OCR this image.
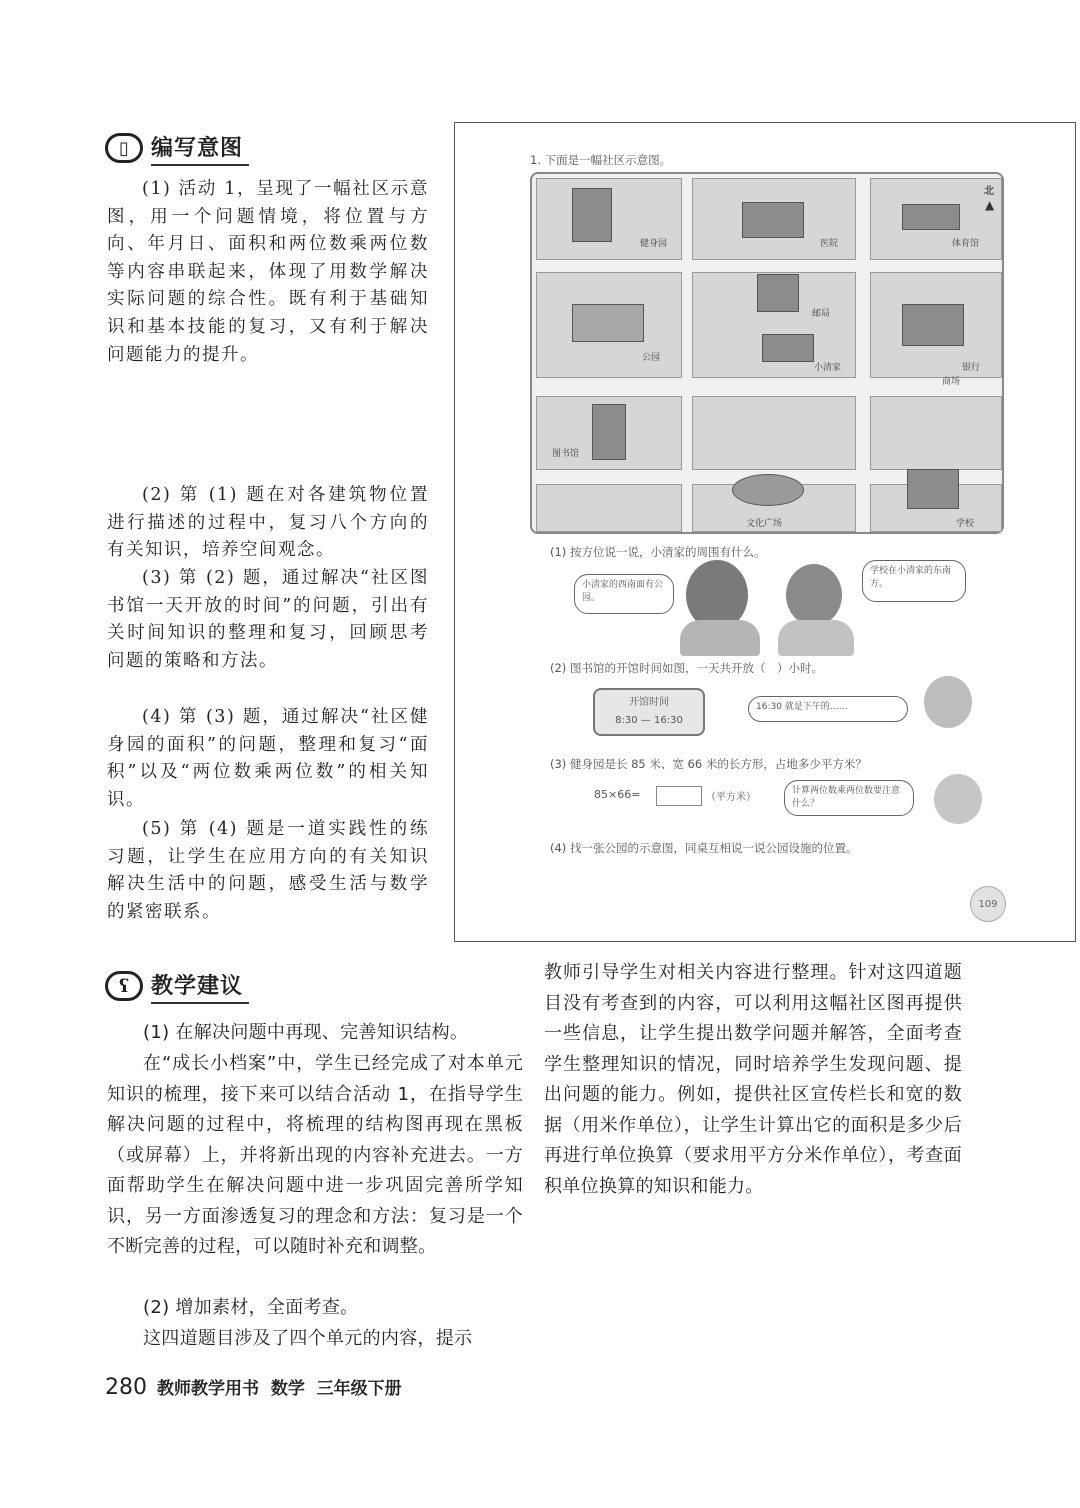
▯	编写意图

(1) 活动 1，呈现了一幅社区示意图，用一个问题情境，将位置与方向、年月日、面积和两位数乘两位数等内容串联起来，体现了用数学解决实际问题的综合性。既有利于基础知识和基本技能的复习，又有利于解决问题能力的提升。

(2) 第 (1) 题在对各建筑物位置进行描述的过程中，复习八个方向的有关知识，培养空间观念。

(3) 第 (2) 题，通过解决“社区图书馆一天开放的时间”的问题，引出有关时间知识的整理和复习，回顾思考问题的策略和方法。

(4) 第 (3) 题，通过解决“社区健身园的面积”的问题，整理和复习“面积”以及“两位数乘两位数”的相关知识。

(5) 第 (4) 题是一道实践性的练习题，让学生在应用方向的有关知识解决生活中的问题，感受生活与数学的紧密联系。

1. 下面是一幅社区示意图。
健身园	医院	体育馆
邮局
小清家	银行
公园
图书馆
商场
文化广场	学校
北
▲
(1) 按方位说一说，小清家的周围有什么。
小清家的西南面有公园。
学校在小清家的东南方。
(2) 图书馆的开馆时间如图，一天共开放（　）小时。
开馆时间
8:30 — 16:30
16:30 就是下午的……
(3) 健身园是长 85 米、宽 66 米的长方形，占地多少平方米？
85×66=	（平方米）
计算两位数乘两位数要注意什么？
(4) 找一张公园的示意图，同桌互相说一说公园设施的位置。
109
ʕ	教学建议

(1) 在解决问题中再现、完善知识结构。

在“成长小档案”中，学生已经完成了对本单元知识的梳理，接下来可以结合活动 1，在指导学生解决问题的过程中，将梳理的结构图再现在黑板（或屏幕）上，并将新出现的内容补充进去。一方面帮助学生在解决问题中进一步巩固完善所学知识，另一方面渗透复习的理念和方法：复习是一个不断完善的过程，可以随时补充和调整。

(2) 增加素材，全面考查。

这四道题目涉及了四个单元的内容，提示

教师引导学生对相关内容进行整理。针对这四道题目没有考查到的内容，可以利用这幅社区图再提供一些信息，让学生提出数学问题并解答，全面考查学生整理知识的情况，同时培养学生发现问题、提出问题的能力。例如，提供社区宣传栏长和宽的数据（用米作单位），让学生计算出它的面积是多少后再进行单位换算（要求用平方分米作单位），考查面积单位换算的知识和能力。

280 教师教学用书  数学  三年级下册
